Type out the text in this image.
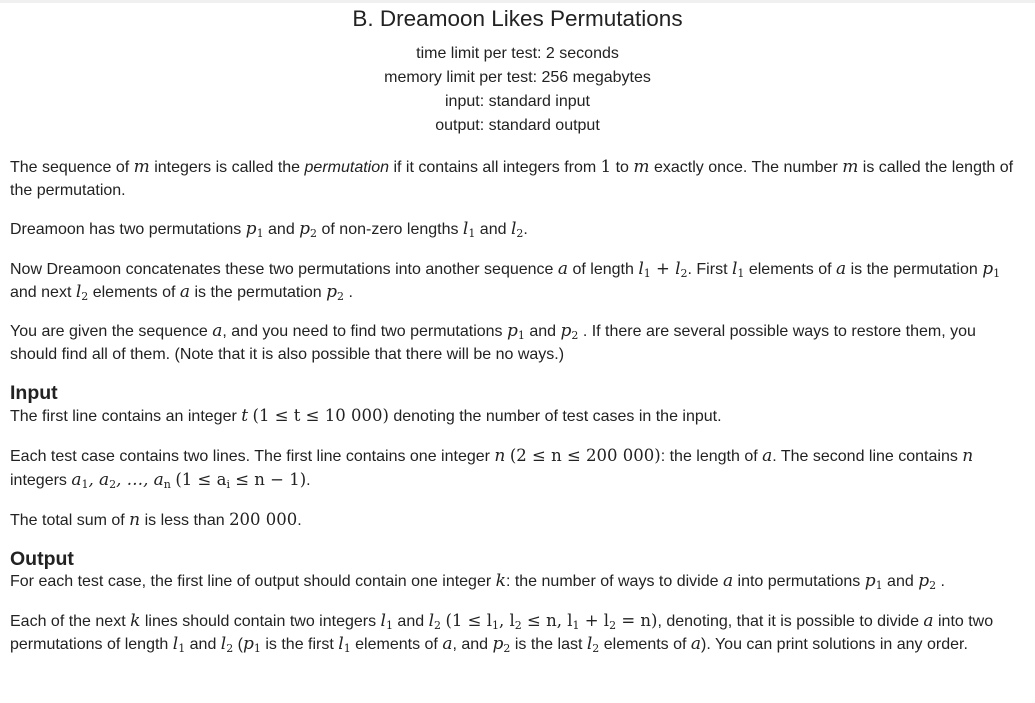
B. Dreamoon Likes Permutations
time limit per test: 2 seconds
memory limit per test: 256 megabytes
input: standard input
output: standard output

The sequence of m integers is called the permutation if it contains all integers from 1 to m exactly once. The number m is called the length of the permutation.

Dreamoon has two permutations $p_1$ and $p_2$ of non-zero lengths $l_1$ and $l_2$.

Now Dreamoon concatenates these two permutations into another sequence a of length $l_1 + l_2$. First $l_1$ elements of a is the permutation $p_1$ and next $l_2$ elements of a is the permutation $p_2$ .

You are given the sequence a, and you need to find two permutations $p_1$ and $p_2$ . If there are several possible ways to restore them, you should find all of them. (Note that it is also possible that there will be no ways.)

Input

The first line contains an integer t (1 ≤ t ≤ 10 000) denoting the number of test cases in the input.

Each test case contains two lines. The first line contains one integer n (2 ≤ n ≤ 200 000): the length of a. The second line contains n integers $a_1$, $a_2$, …, $a_n$ $(1 \le a_i \le n - 1)$.

The total sum of n is less than 200 000.

Output

For each test case, the first line of output should contain one integer k: the number of ways to divide a into permutations $p_1$ and $p_2$ .

Each of the next k lines should contain two integers $l_1$ and $l_2$ ($1 \le l_1$, $l_2 \le n$, $l_1 + l_2 = n$), denoting, that it is possible to divide a into two permutations of length $l_1$ and $l_2$ ($p_1$ is the first $l_1$ elements of a, and $p_2$ is the last $l_2$ elements of a). You can print solutions in any order.
